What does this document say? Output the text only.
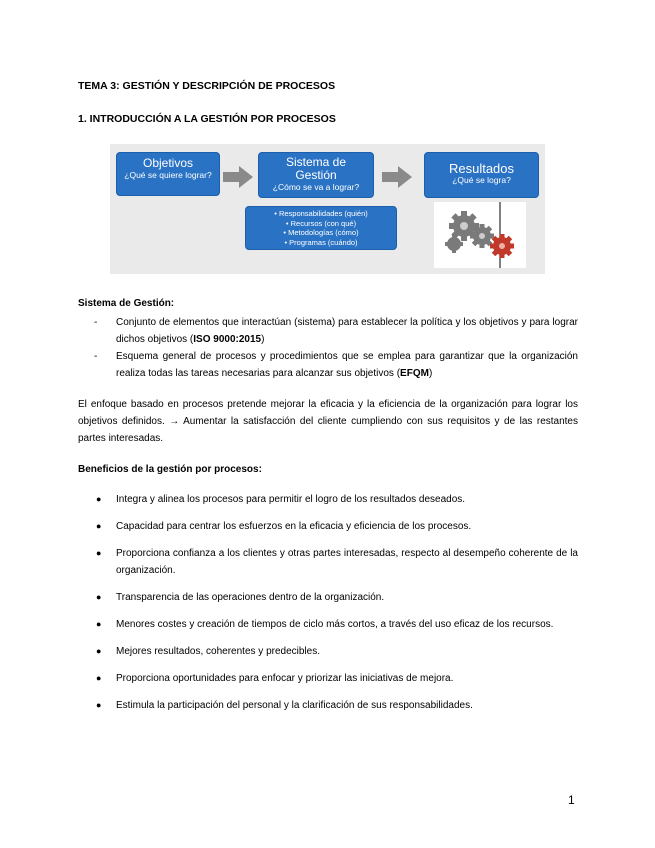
TEMA 3: GESTIÓN Y DESCRIPCIÓN DE PROCESOS

1. INTRODUCCIÓN A LA GESTIÓN POR PROCESOS

Objetivos
¿Qué se quiere lograr?
Sistema de Gestión
¿Cómo se va a lograr?
Resultados
¿Qué se logra?
• Responsabilidades (quién)
• Recursos (con qué)
• Metodologías (cómo)
• Programas (cuándo)

Sistema de Gestión:

- Conjunto de elementos que interactúan (sistema) para establecer la política y los objetivos y para lograr dichos objetivos (ISO 9000:2015)
- Esquema general de procesos y procedimientos que se emplea para garantizar que la organización realiza todas las tareas necesarias para alcanzar sus objetivos (EFQM)

El enfoque basado en procesos pretende mejorar la eficacia y la eficiencia de la organización para lograr los objetivos definidos. → Aumentar la satisfacción del cliente cumpliendo con sus requisitos y de las restantes partes interesadas.

Beneficios de la gestión por procesos:

● Integra y alinea los procesos para permitir el logro de los resultados deseados.
● Capacidad para centrar los esfuerzos en la eficacia y eficiencia de los procesos.
● Proporciona confianza a los clientes y otras partes interesadas, respecto al desempeño coherente de la organización.
● Transparencia de las operaciones dentro de la organización.
● Menores costes y creación de tiempos de ciclo más cortos, a través del uso eficaz de los recursos.
● Mejores resultados, coherentes y predecibles.
● Proporciona oportunidades para enfocar y priorizar las iniciativas de mejora.
● Estimula la participación del personal y la clarificación de sus responsabilidades.

1
